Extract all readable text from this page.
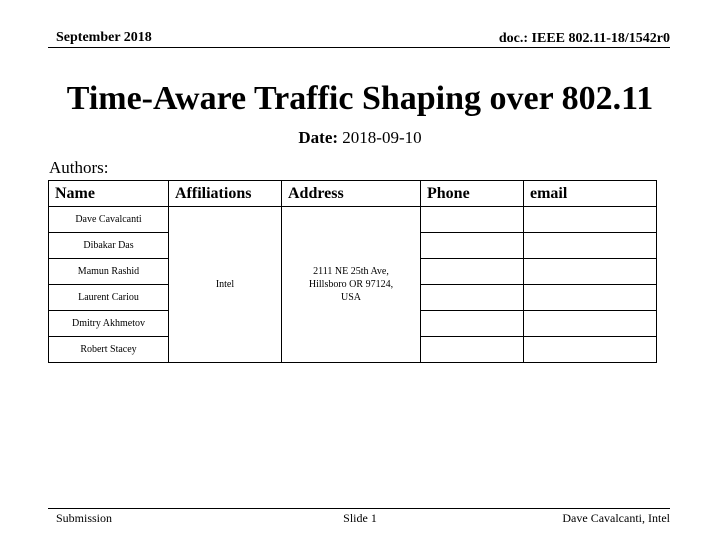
September 2018	doc.: IEEE 802.11-18/1542r0
Time-Aware Traffic Shaping over 802.11
Date: 2018-09-10
Authors:
Name	Affiliations	Address	Phone	email
Dave Cavalcanti	Intel	2111 NE 25th Ave,
Hillsboro OR 97124,
USA		

Dibakar Das				
Mamun Rashid				
Laurent Cariou				
Dmitry Akhmetov				
Robert Stacey				
Submission	Slide 1	Dave Cavalcanti, Intel
